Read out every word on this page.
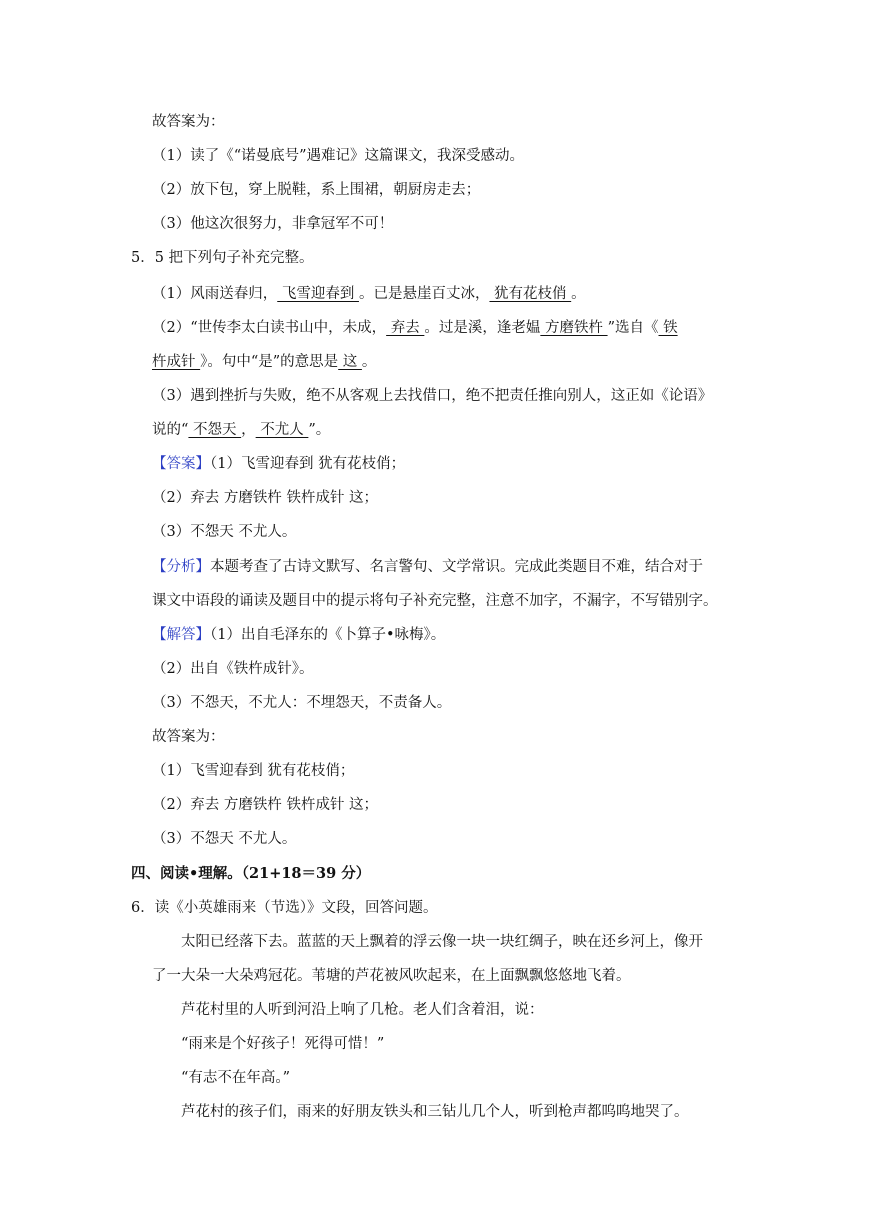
故答案为：
（1）读了《“诺曼底号”遇难记》这篇课文，我深受感动。
（2）放下包，穿上脱鞋，系上围裙，朝厨房走去；
（3）他这次很努力，非拿冠军不可！
5．5 把下列句子补充完整。
（1）风雨送春归， 飞雪迎春到 。已是悬崖百丈冰， 犹有花枝俏 。
（2）“世传李太白读书山中，未成， 弃去 。过是溪，逢老媪 方磨铁杵 ”选自《 铁
杵成针 》。句中“是”的意思是 这 。
（3）遇到挫折与失败，绝不从客观上去找借口，绝不把责任推向别人，这正如《论语》
说的“ 不怨天 ， 不尤人 ”。
【答案】（1）飞雪迎春到 犹有花枝俏；
（2）弃去 方磨铁杵 铁杵成针 这；
（3）不怨天 不尤人。
【分析】本题考查了古诗文默写、名言警句、文学常识。完成此类题目不难，结合对于
课文中语段的诵读及题目中的提示将句子补充完整，注意不加字，不漏字，不写错别字。
【解答】（1）出自毛泽东的《卜算子•咏梅》。
（2）出自《铁杵成针》。
（3）不怨天，不尤人：不埋怨天，不责备人。
故答案为：
（1）飞雪迎春到 犹有花枝俏；
（2）弃去 方磨铁杵 铁杵成针 这；
（3）不怨天 不尤人。
四、阅读•理解。（21+18＝39 分）
6．读《小英雄雨来（节选）》文段，回答问题。
太阳已经落下去。蓝蓝的天上飘着的浮云像一块一块红绸子，映在还乡河上，像开
了一大朵一大朵鸡冠花。苇塘的芦花被风吹起来，在上面飘飘悠悠地飞着。
芦花村里的人听到河沿上响了几枪。老人们含着泪，说：
“雨来是个好孩子！死得可惜！”
“有志不在年高。”
芦花村的孩子们，雨来的好朋友铁头和三钻儿几个人，听到枪声都呜呜地哭了。
